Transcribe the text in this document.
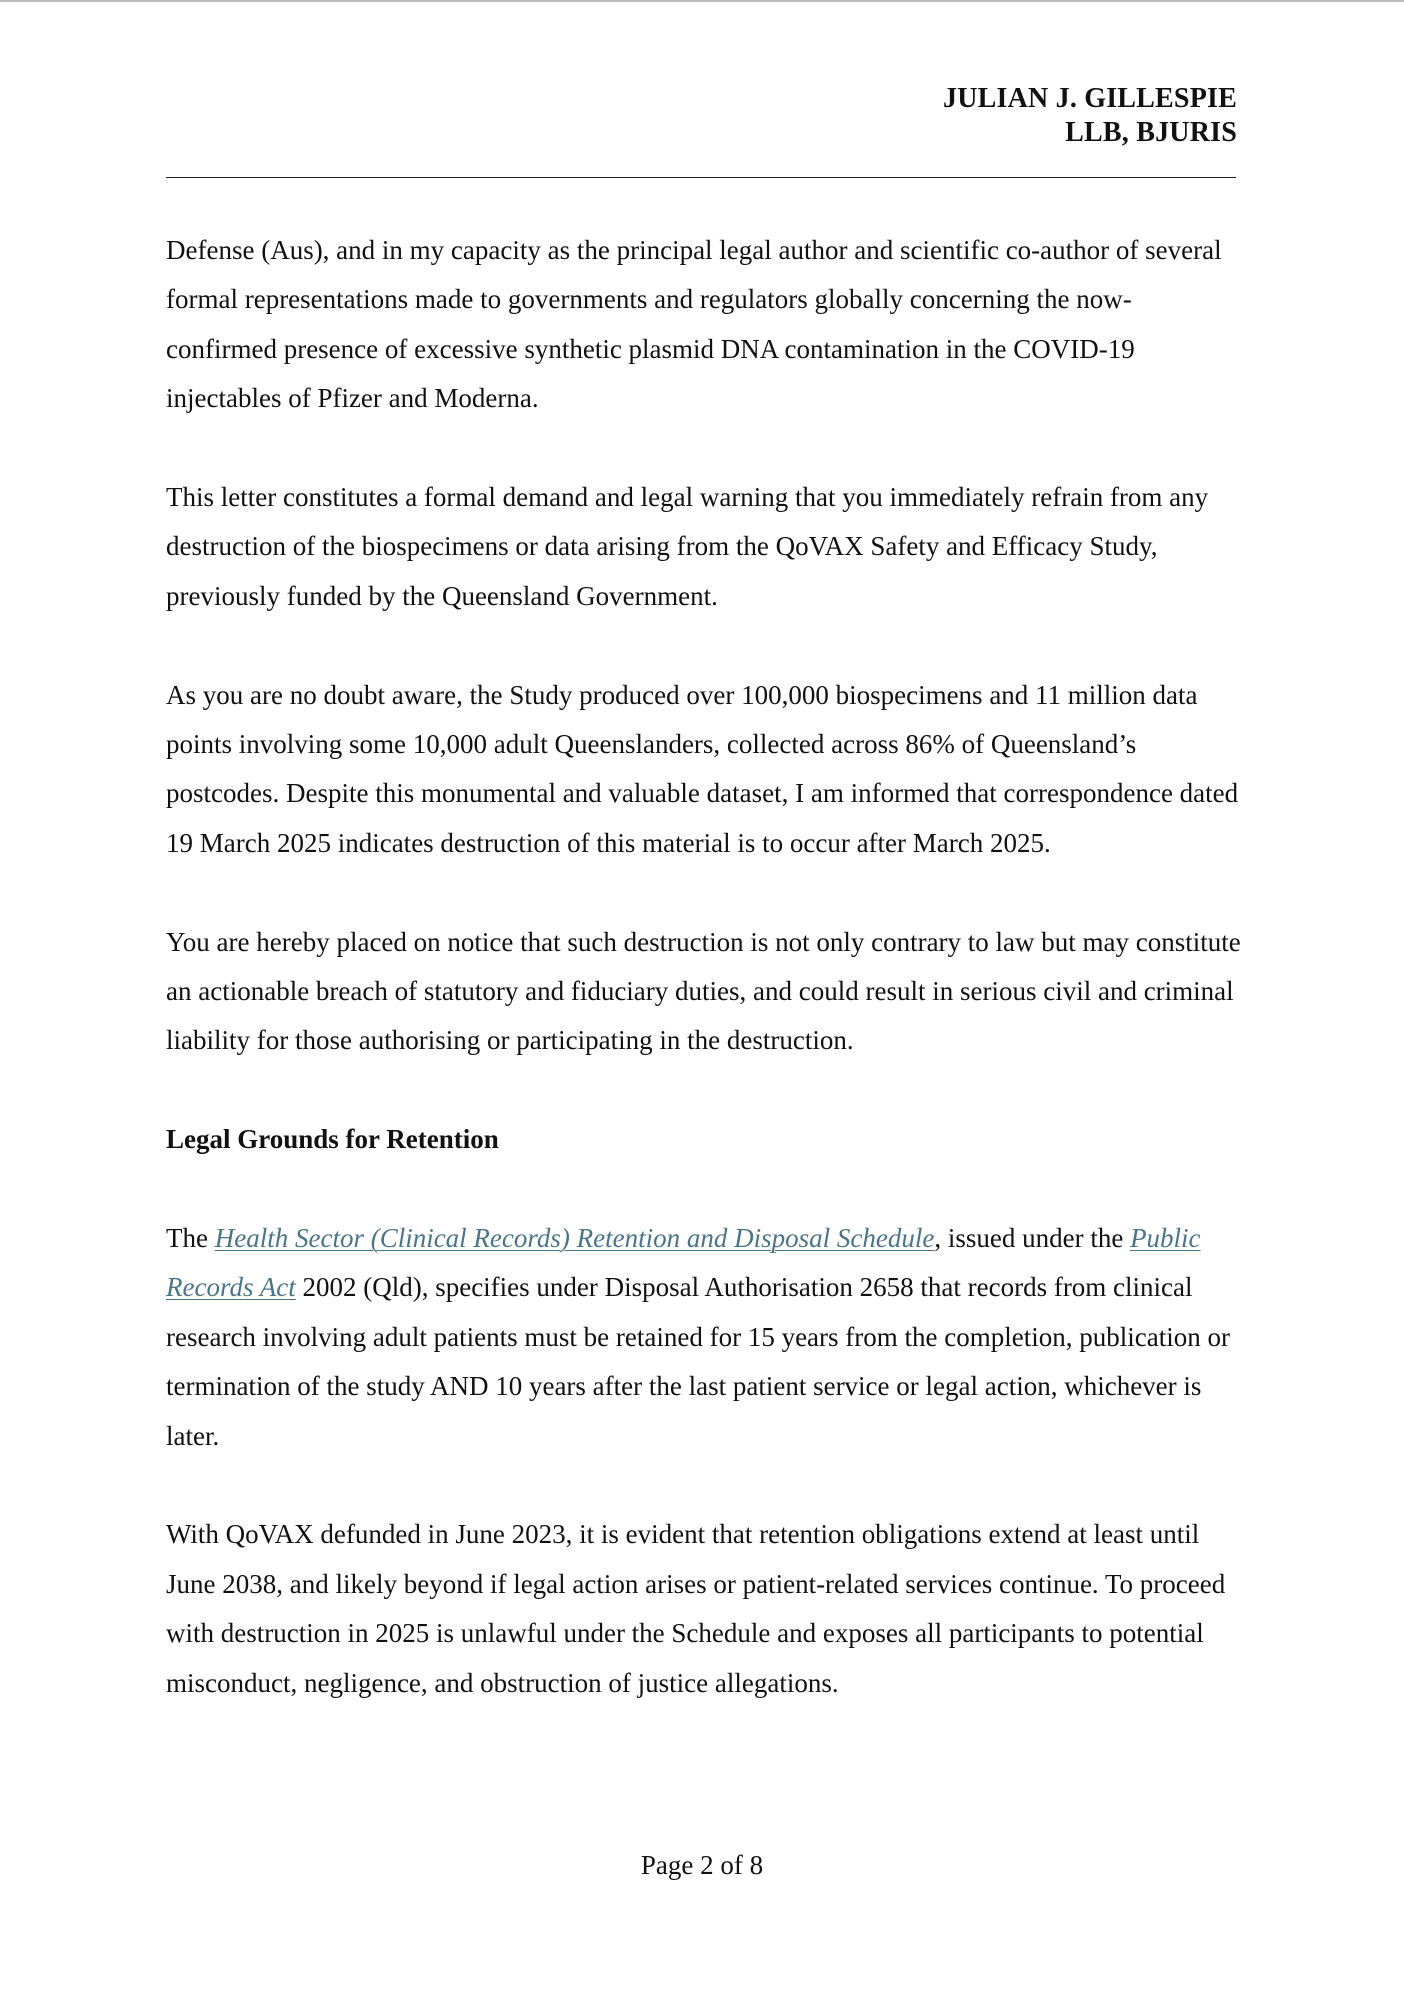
JULIAN J. GILLESPIE
LLB, BJURIS

Defense (Aus), and in my capacity as the principal legal author and scientific co-author of several formal representations made to governments and regulators globally concerning the now-confirmed presence of excessive synthetic plasmid DNA contamination in the COVID-19 injectables of Pfizer and Moderna.

This letter constitutes a formal demand and legal warning that you immediately refrain from any destruction of the biospecimens or data arising from the QoVAX Safety and Efficacy Study, previously funded by the Queensland Government.

As you are no doubt aware, the Study produced over 100,000 biospecimens and 11 million data points involving some 10,000 adult Queenslanders, collected across 86% of Queensland’s postcodes. Despite this monumental and valuable dataset, I am informed that correspondence dated 19 March 2025 indicates destruction of this material is to occur after March 2025.

You are hereby placed on notice that such destruction is not only contrary to law but may constitute an actionable breach of statutory and fiduciary duties, and could result in serious civil and criminal liability for those authorising or participating in the destruction.

Legal Grounds for Retention

The Health Sector (Clinical Records) Retention and Disposal Schedule, issued under the Public Records Act 2002 (Qld), specifies under Disposal Authorisation 2658 that records from clinical research involving adult patients must be retained for 15 years from the completion, publication or termination of the study AND 10 years after the last patient service or legal action, whichever is later.

With QoVAX defunded in June 2023, it is evident that retention obligations extend at least until June 2038, and likely beyond if legal action arises or patient-related services continue. To proceed with destruction in 2025 is unlawful under the Schedule and exposes all participants to potential misconduct, negligence, and obstruction of justice allegations.

Page 2 of 8
